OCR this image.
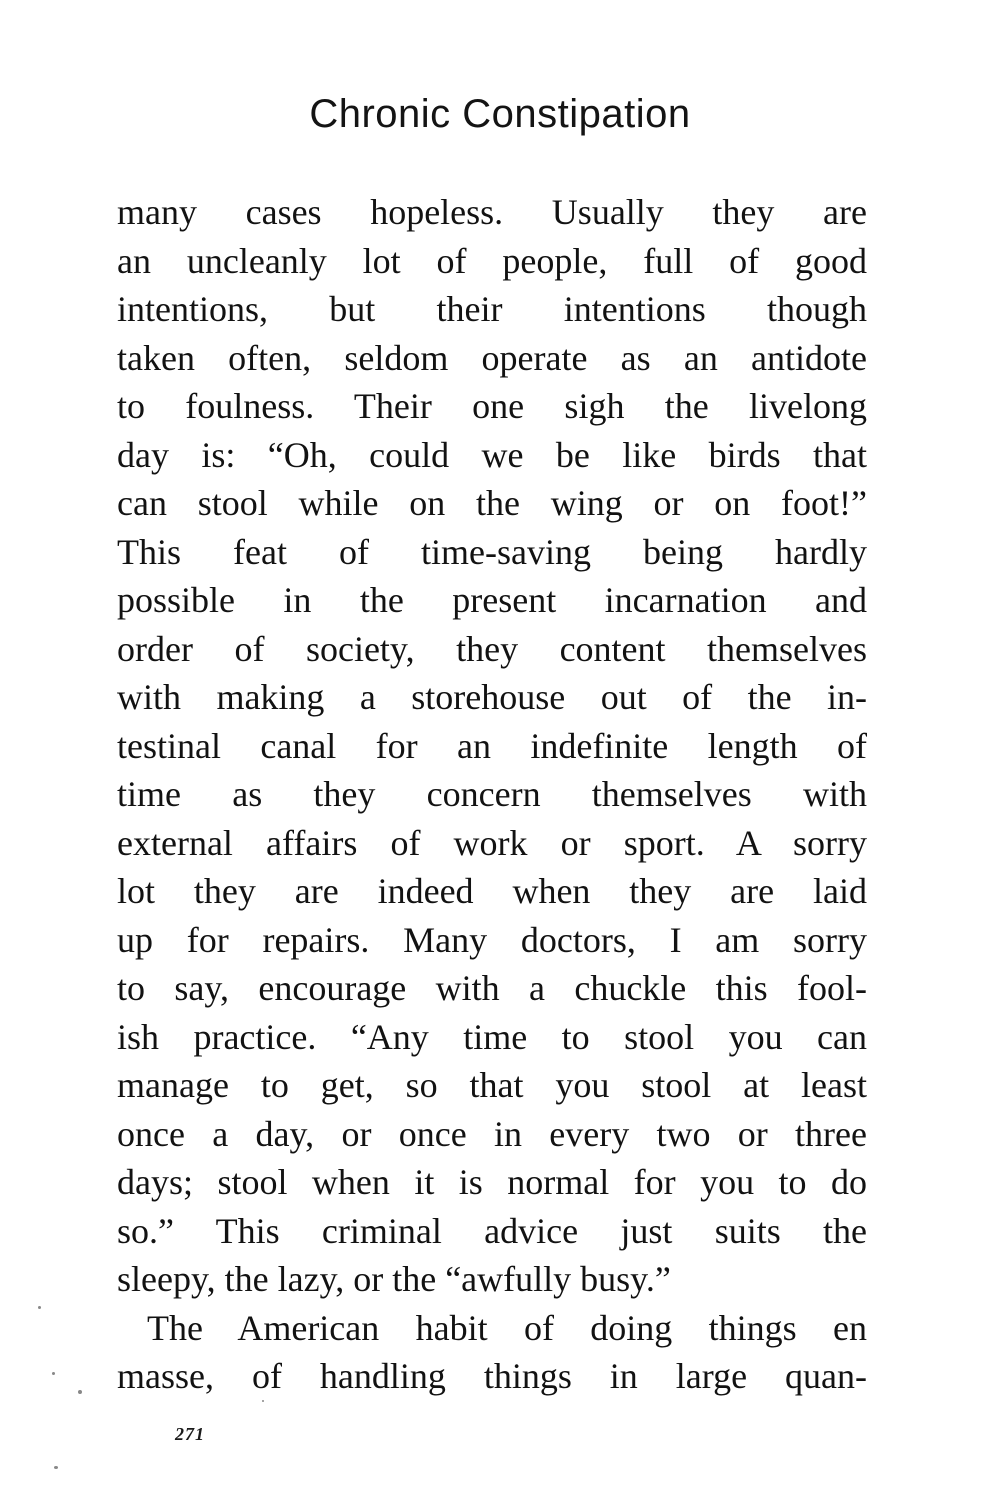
Chronic Constipation
many cases hopeless. Usually they are
an uncleanly lot of people, full of good
intentions, but their intentions though
taken often, seldom operate as an antidote
to foulness. Their one sigh the livelong
day is: “Oh, could we be like birds that
can stool while on the wing or on foot!”
This feat of time-saving being hardly
possible in the present incarnation and
order of society, they content themselves
with making a storehouse out of the in-
testinal canal for an indefinite length of
time as they concern themselves with
external affairs of work or sport. A sorry
lot they are indeed when they are laid
up for repairs. Many doctors, I am sorry
to say, encourage with a chuckle this fool-
ish practice. “Any time to stool you can
manage to get, so that you stool at least
once a day, or once in every two or three
days; stool when it is normal for you to do
so.” This criminal advice just suits the
sleepy, the lazy, or the “awfully busy.”
The American habit of doing things en
masse, of handling things in large quan-
271
